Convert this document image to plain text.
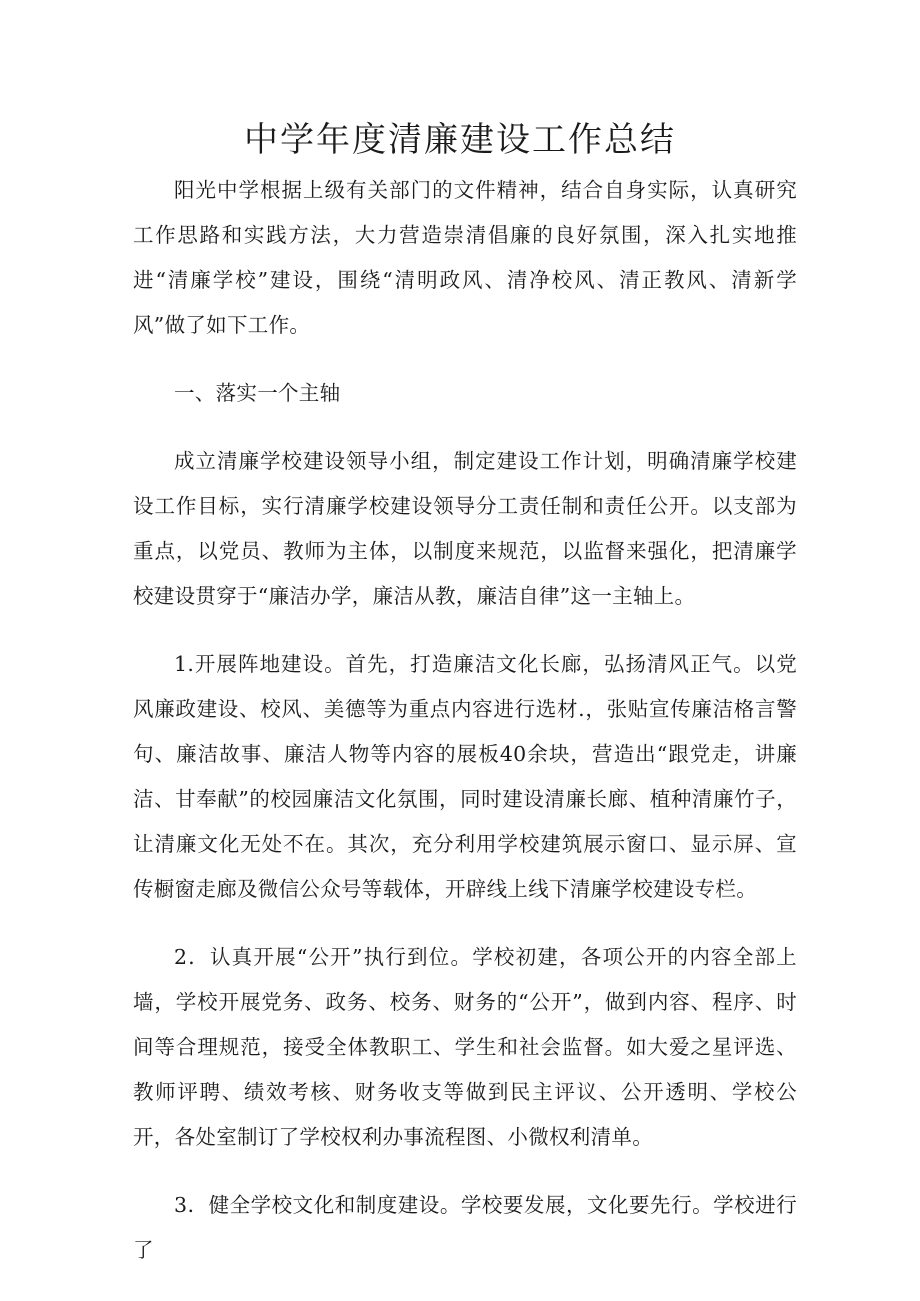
中学年度清廉建设工作总结

阳光中学根据上级有关部门的文件精神，结合自身实际，认真研究工作思路和实践方法，大力营造崇清倡廉的良好氛围，深入扎实地推进“清廉学校”建设，围绕“清明政风、清净校风、清正教风、清新学风”做了如下工作。

一、落实一个主轴

成立清廉学校建设领导小组，制定建设工作计划，明确清廉学校建设工作目标，实行清廉学校建设领导分工责任制和责任公开。以支部为重点，以党员、教师为主体，以制度来规范，以监督来强化，把清廉学校建设贯穿于“廉洁办学，廉洁从教，廉洁自律”这一主轴上。

1.开展阵地建设。首先，打造廉洁文化长廊，弘扬清风正气。以党风廉政建设、校风、美德等为重点内容进行选材.，张贴宣传廉洁格言警句、廉洁故事、廉洁人物等内容的展板40余块，营造出“跟党走，讲廉洁、甘奉献”的校园廉洁文化氛围，同时建设清廉长廊、植种清廉竹子，让清廉文化无处不在。其次，充分利用学校建筑展示窗口、显示屏、宣传橱窗走廊及微信公众号等载体，开辟线上线下清廉学校建设专栏。

2．认真开展“公开”执行到位。学校初建，各项公开的内容全部上墙，学校开展党务、政务、校务、财务的“公开”，做到内容、程序、时间等合理规范，接受全体教职工、学生和社会监督。如大爱之星评选、教师评聘、绩效考核、财务收支等做到民主评议、公开透明、学校公开，各处室制订了学校权利办事流程图、小微权利清单。

3．健全学校文化和制度建设。学校要发展，文化要先行。学校进行了
